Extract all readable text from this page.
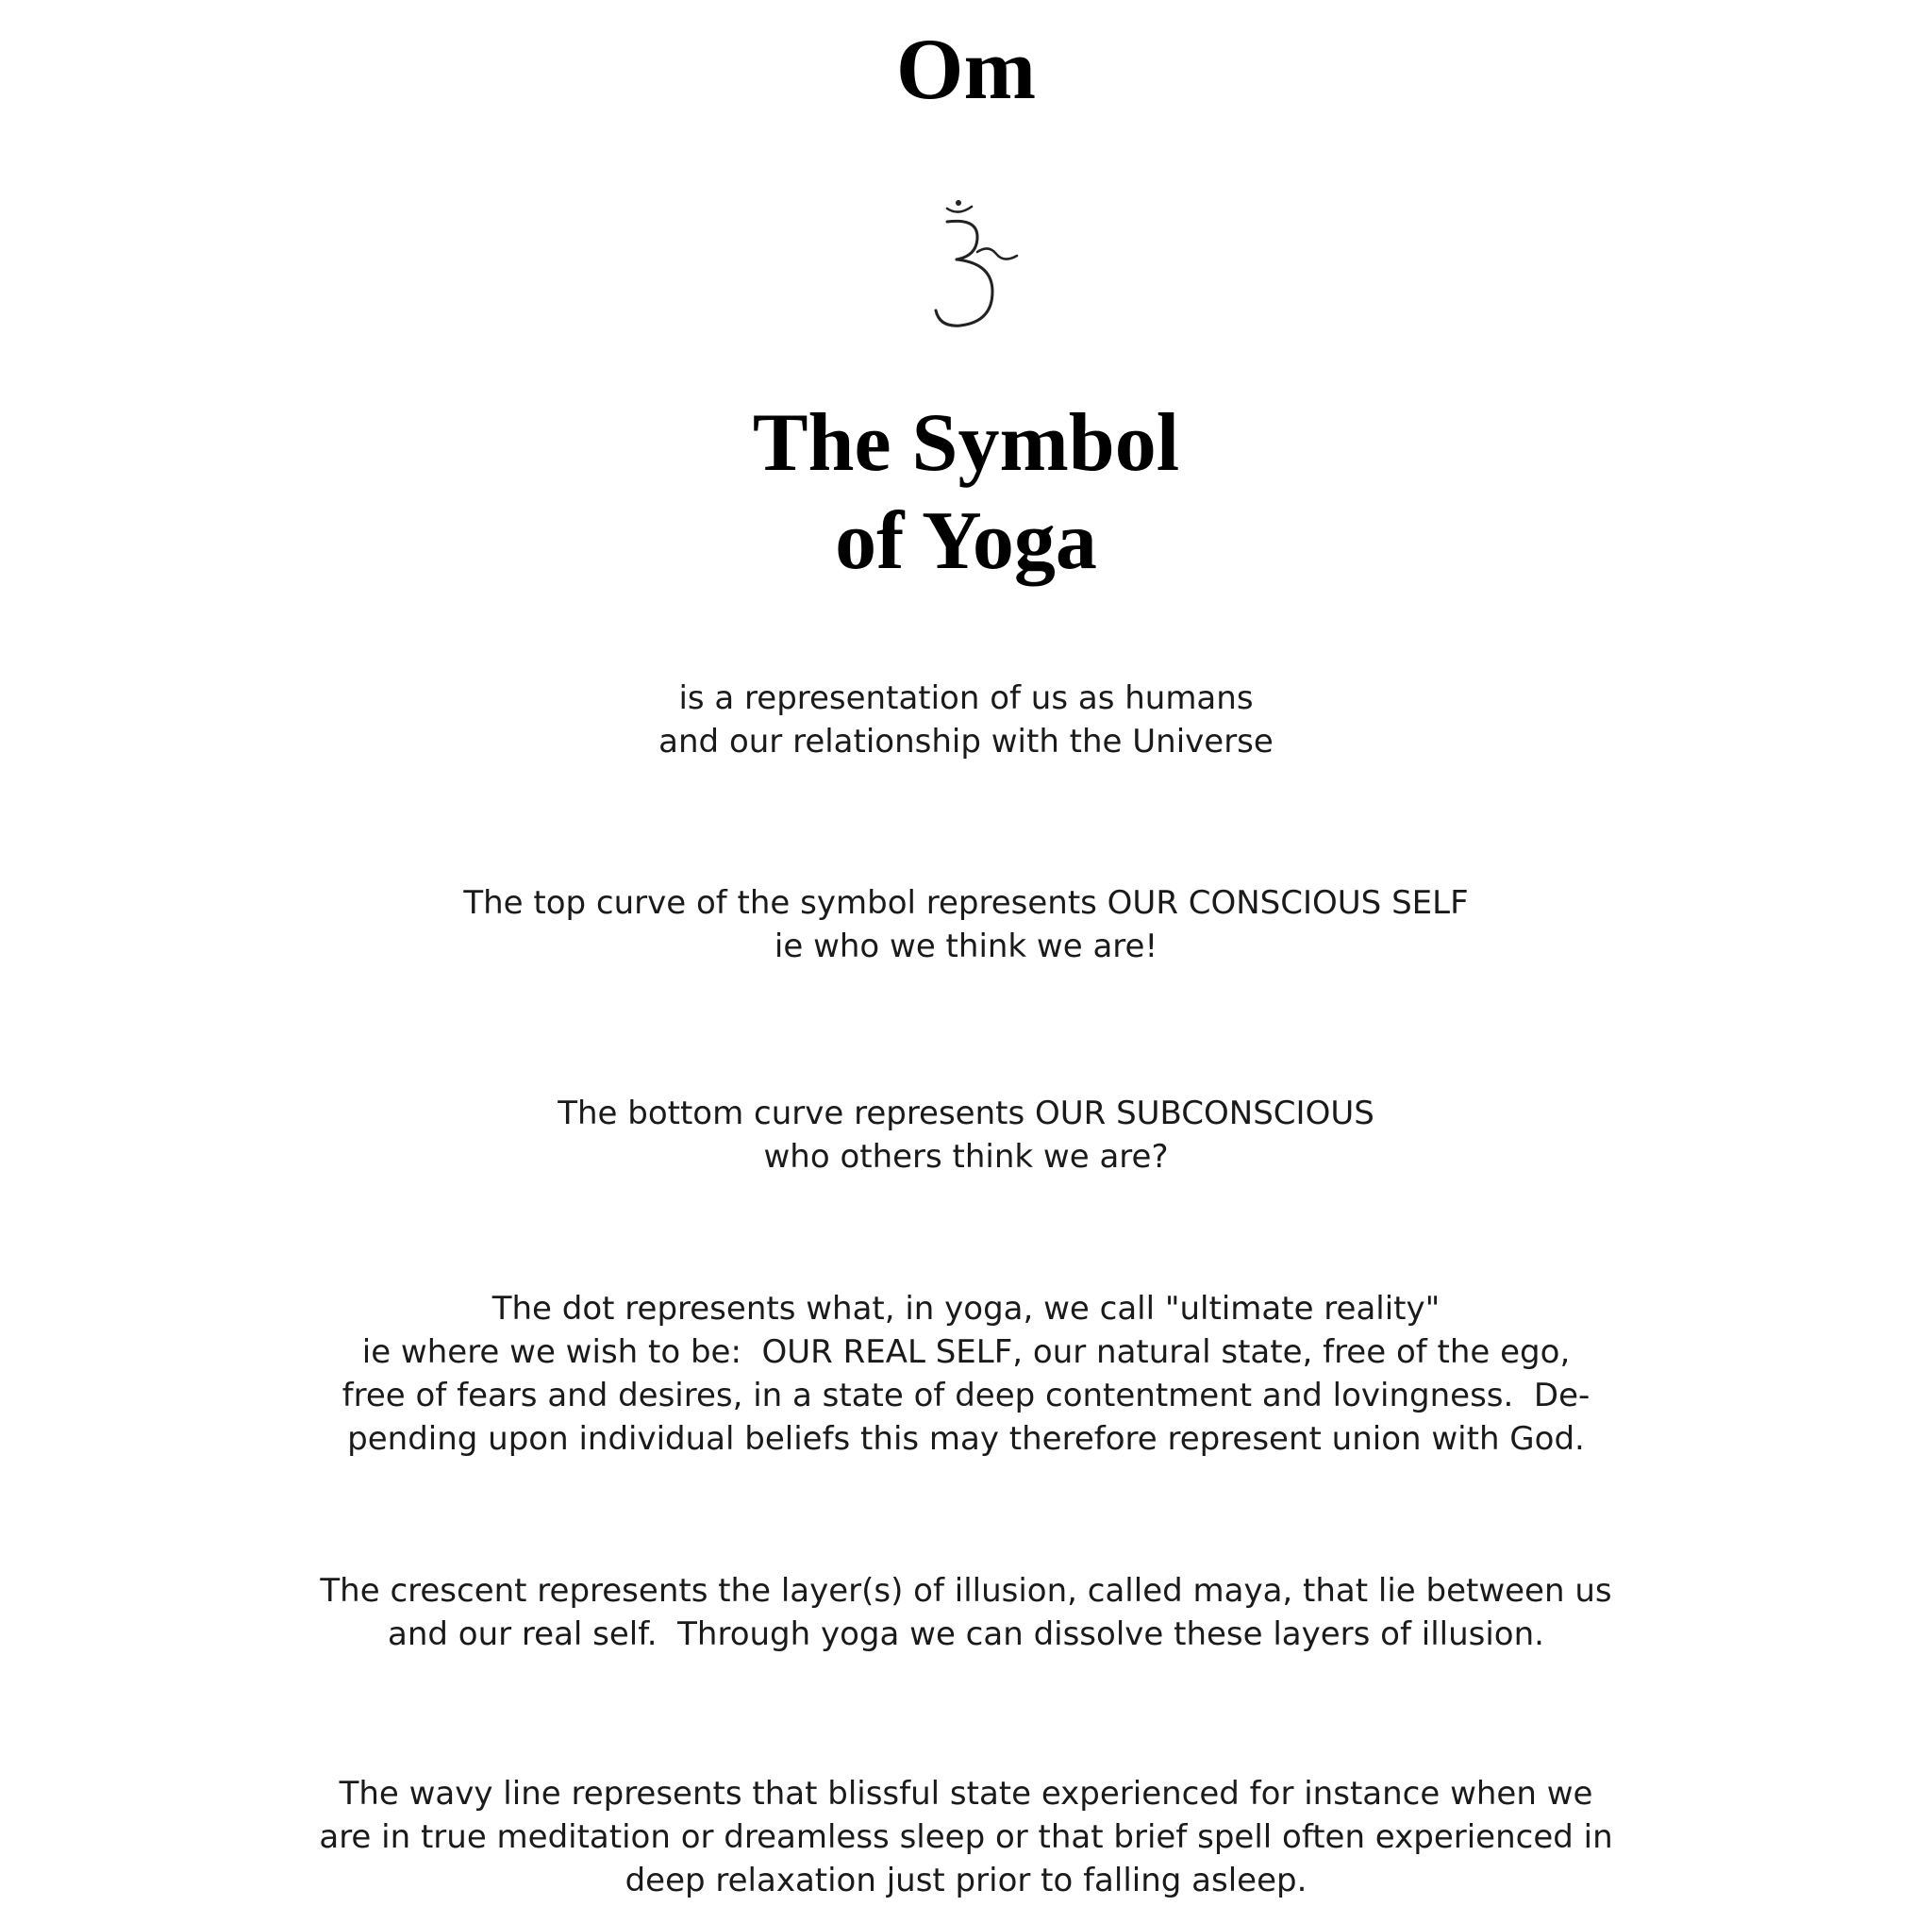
Om
The Symbol
of Yoga
is a representation of us as humans
and our relationship with the Universe
The top curve of the symbol represents OUR CONSCIOUS SELF
ie who we think we are!
The bottom curve represents OUR SUBCONSCIOUS
who others think we are?
The dot represents what, in yoga, we call "ultimate reality"
ie where we wish to be:  OUR REAL SELF, our natural state, free of the ego,
free of fears and desires, in a state of deep contentment and lovingness.  De-
pending upon individual beliefs this may therefore represent union with God.
The crescent represents the layer(s) of illusion, called maya, that lie between us
and our real self.  Through yoga we can dissolve these layers of illusion.
The wavy line represents that blissful state experienced for instance when we
are in true meditation or dreamless sleep or that brief spell often experienced in
deep relaxation just prior to falling asleep.
